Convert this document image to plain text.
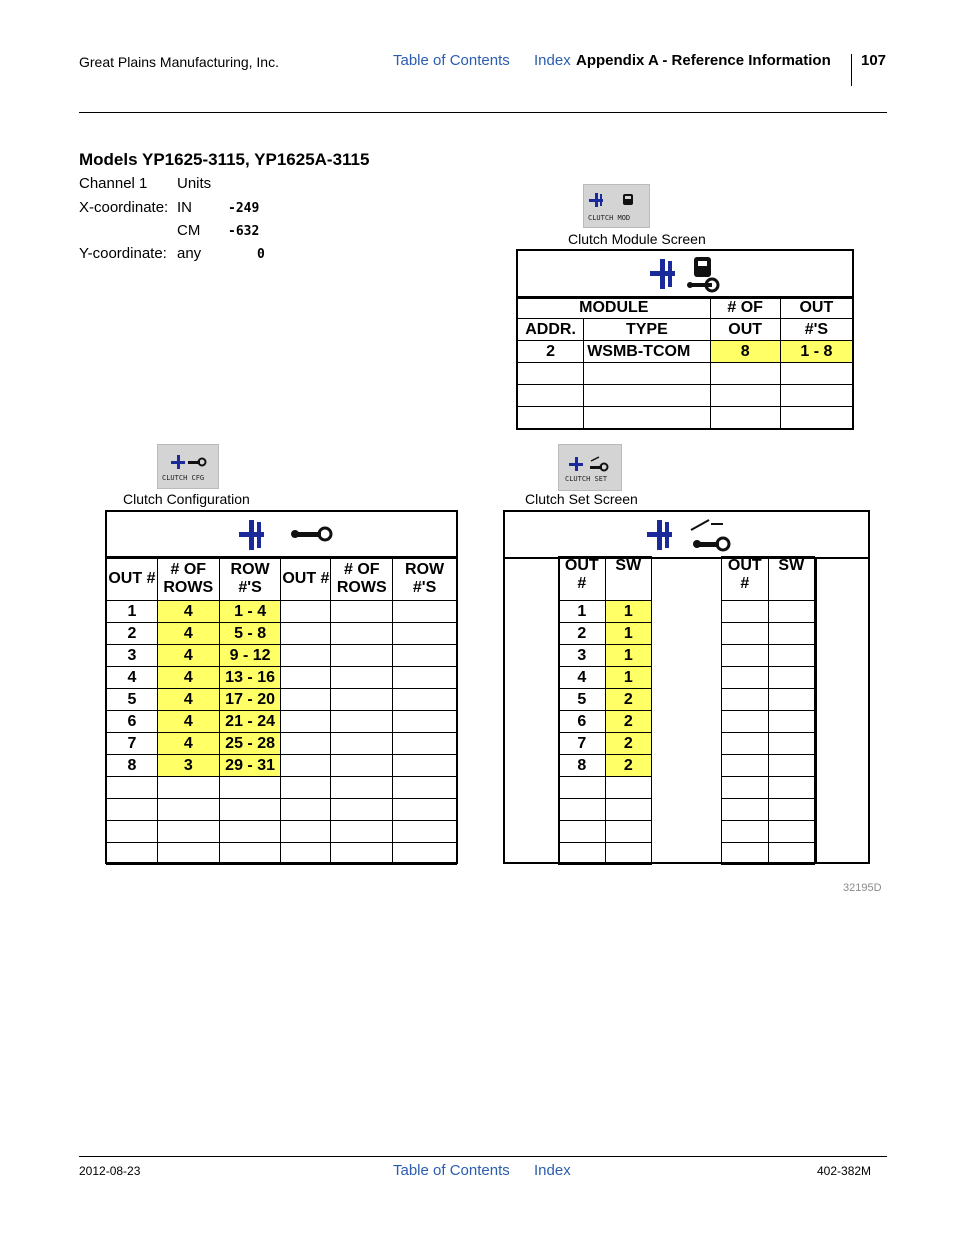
Great Plains Manufacturing, Inc.	Table of Contents Index Appendix A - Reference Information 107
Models YP1625-3115, YP1625A-3115
Channel 1 Units
X-coordinate: IN	-249
CM -632
Y-coordinate: any	0
CLUTCH MOD
Clutch Module Screen
MODULE		# OF	OUT
ADDR.	TYPE	OUT	#'S
2	WSMB-TCOM	8	1 - 8

CLUTCH CFG
Clutch Configuration
OUT #	# OF ROWS	ROW #'S	OUT #	# OF ROWS	ROW #'S
1	4	1 - 4			
2	4	5 - 8			
3	4	9 - 12			
4	4	13 - 16			
5	4	17 - 20			
6	4	21 - 24			
7	4	25 - 28			
8	3	29 - 31			

CLUTCH SET
Clutch Set Screen
OUT #	SW
1	1
2	1
3	1
4	1
5	2
6	2
7	2
8	2

OUT #	SW

32195D
2012-08-23	Table of Contents Index	402-382M
